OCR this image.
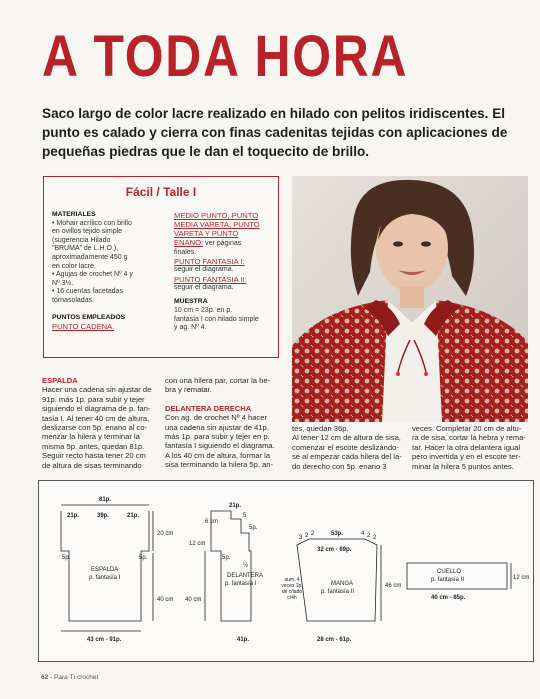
A TODA HORA
Saco largo de color lacre realizado en hilado con pelitos iridiscentes. El punto es calado y cierra con finas cadenitas tejidas con aplicaciones de pequeñas piedras que le dan el toquecito de brillo.
Fácil / Talle I
MATERIALES
• Mohair acrílico con brillo
en ovillos tejido simple
(sugerencia Hilado
“BRUMA” de L.H.O.),
aproximadamente 450 g
en color lacre.
• Agujas de crochet Nº 4 y
Nº 3½.
• 16 cuentas facetadas
tornasoladas.
PUNTOS EMPLEADOS
PUNTO CADENA.
MEDIO PUNTO, PUNTO
MEDIA VARETA, PUNTO
VARETA Y PUNTO
ENANO: ver páginas
finales.
PUNTO FANTASIA I:
seguir el diagrama.
PUNTO FANTASIA II:
seguir el diagrama.
MUESTRA
10 cm = 23p. en p.
fantasía I con hilado simple
y ag. Nº 4.
ESPALDA
Hacer una cadena sin ajustar de
91p. más 1p. para subir y tejer
siguiendo el diagrama de p. fan-
tasía I. Al tener 40 cm de altura,
deslizarse con 5p. enano al co-
menzar la hilera y terminar la
misma 5p. antes, quedan 81p.
Seguir recto hasta tener 20 cm
de altura de sisas terminando
con una hilera par, cortar la he-
bra y rematar.
DELANTERA DERECHA
Con ag. de crochet Nº 4 hacer
una cadena sin ajustar de 41p.
más 1p. para subir y tejer en p.
fantasía I siguiendo el diagrama.
A los 40 cm de altura, formar la
sisa terminando la hilera 5p. an-
tes, quedan 36p.
Al tener 12 cm de altura de sisa,
comenzar el escote deslizándo-
se al empezar cada hilera del la-
do derecho con 5p. enano 3
veces. Completar 20 cm de altu-
ra de sisa, cortar la hebra y rema-
tar. Hacer la otra delantera igual
pero invertida y en el escote ter-
minar la hilera 5 puntos antes.
81p.
21p.	39p.	21p.
5p.	5p.
ESPALDA
p. fantasía I
20 cm
40 cm
43 cm - 91p.
21p.
5
5p.
6 cm
12 cm
5p.
½
DELANTERA
p. fantasía I
40 cm
41p.
53p.
3 2 2	4 2 2
32 cm - 69p.
MANGA
p. fantasía II
aum. 4 veces 1p. de c/lado c/4h
46 cm
28 cm - 61p.
CUELLO
p. fantasía II	12 cm
40 cm - 85p.
62 - Para Tí crochet
